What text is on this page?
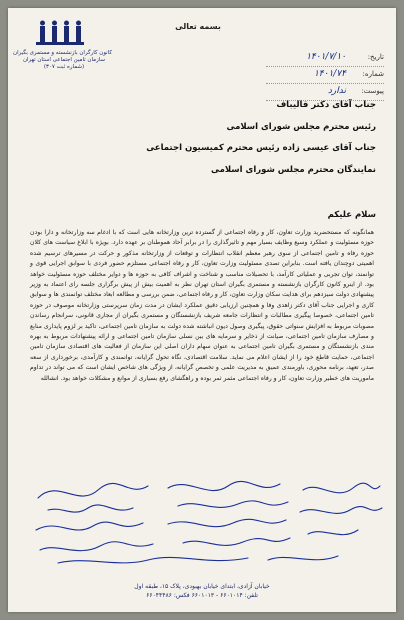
کانون کارگران بازنشسته و مستمری بگیران
سازمان تامین اجتماعی استان تهران
(شماره ثبت ۳۰۷)
بسمه تعالی
تاریخ:
۱۴۰۱/۷/۱۰
شماره:
۱۴۰۱/۷۴
پیوست:
ندارد
جناب آقای دکتر قالیباف
رئیس محترم مجلس شورای اسلامی
جناب آقای عیسی زاده رئیس محترم کمیسیون اجتماعی
نمایندگان محترم مجلس شورای اسلامی
سلام علیکم
همانگونه که مستحضرید وزارت تعاون، کار و رفاه اجتماعی از گسترده ترین وزارتخانه هایی است که با ادغام سه وزارتخانه و دارا بودن حوزه مسئولیت و عملکرد وسیع وظایف بسیار مهم و تاثیرگذاری را در برابر آحاد هموطنان بر عهده دارد. بویژه با ابلاغ سیاست های کلان حوزه رفاه و تامین اجتماعی از سوی رهبر معظم انقلاب انتظارات و توقعات از وزارتخانه مذکور و حرکت در مسیرهای ترسیم شده اهمیتی دوچندان یافته است. بنابراین تصدی مسئولیت وزارت تعاون، کار و رفاه اجتماعی مستلزم حضور فردی با سوابق اجرایی قوی و توانمند، توان تجربی و عملیاتی کارآمد، با تحصیلات مناسب و شناخت و اشراف کافی به حوزه ها و دوایر مختلف حوزه مسئولیت خواهد بود. از اینرو کانون کارگران بازنشسته و مستمری بگیران استان تهران نظر به اهمیت بیش از پیش برگزاری جلسه رای اعتماد به وزیر پیشنهادی دولت سیزدهم برای هدایت سکان وزارت تعاون، کار و رفاه اجتماعی، ضمن بررسی و مطالعه ابعاد مختلف توانمندی ها و سوابق کاری و اجرایی جناب آقای دکتر زاهدی وفا و همچنین ارزیابی دقیق عملکرد ایشان در مدت زمان سرپرستی وزارتخانه موصوف در حوزه تامین اجتماعی، خصوصا پیگیری مطالبات و انتظارات جامعه شریف بازنشستگان و مستمری بگیران از مجاری قانونی، سرانجام رساندن مصوبات مربوط به افزایش سنواتی حقوق، پیگیری وصول دیون انباشته شده دولت به سازمان تامین اجتماعی، تاکید بر لزوم پایداری منابع و مصارف سازمان تامین اجتماعی، صیانت از ذخایر و سرمایه های بین نسلی سازمان تامین اجتماعی و ارائه پیشنهادات مربوط به بهره مندی بازنشستگان و مستمری بگیران تامین اجتماعی به عنوان سهام داران اصلی این سازمان از فعالیت های اقتصادی سازمان تامین اجتماعی، حمایت قاطع خود را از ایشان اعلام می نماید. سلامت اقتصادی، نگاه تحول گرایانه، توانمندی و کارآمدی، برخورداری از سعه صدر، تعهد، برنامه محوری، باورمندی عمیق به مدیریت علمی و تخصص گرایانه، از ویژگی های شاخص ایشان است که می تواند در تداوم ماموریت های خطیر وزارت تعاون، کار و رفاه اجتماعی مثمر ثمر بوده و راهگشای رفع بسیاری از موانع و مشکلات خواهد بود. انشالله
خیابان آزادی، ابتدای خیابان بهبودی، پلاک ۱۵، طبقه اول
تلفن: ۶۶۰۱۰۱۴ - ۶۶۰۱۰۱۳ فکس: ۶۶۰۴۴۴۸۶
